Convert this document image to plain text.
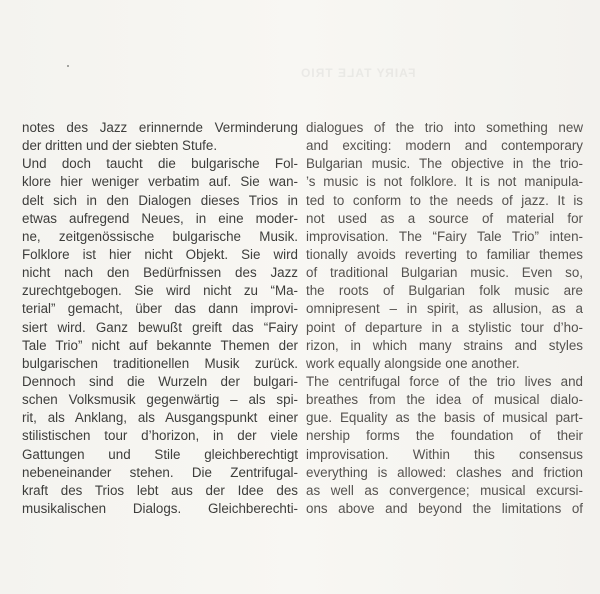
FAIRY TALE TRIO
notes des Jazz erinnernde Verminderung
der dritten und der siebten Stufe.
Und doch taucht die bulgarische Fol-
klore hier weniger verbatim auf. Sie wan-
delt sich in den Dialogen dieses Trios in
etwas aufregend Neues, in eine moder-
ne, zeitgenössische bulgarische Musik.
Folklore ist hier nicht Objekt. Sie wird
nicht nach den Bedürfnissen des Jazz
zurechtgebogen. Sie wird nicht zu “Ma-
terial” gemacht, über das dann improvi-
siert wird. Ganz bewußt greift das “Fairy
Tale Trio” nicht auf bekannte Themen der
bulgarischen traditionellen Musik zurück.
Dennoch sind die Wurzeln der bulgari-
schen Volksmusik gegenwärtig – als spi-
rit, als Anklang, als Ausgangspunkt einer
stilistischen tour d’horizon, in der viele
Gattungen und Stile gleichberechtigt
nebeneinander stehen. Die Zentrifugal-
kraft des Trios lebt aus der Idee des
musikalischen Dialogs. Gleichberechti-
dialogues of the trio into something new
and exciting: modern and contemporary
Bulgarian music. The objective in the trio-
’s music is not folklore. It is not manipula-
ted to conform to the needs of jazz. It is
not used as a source of material for
improvisation. The “Fairy Tale Trio” inten-
tionally avoids reverting to familiar themes
of traditional Bulgarian music. Even so,
the roots of Bulgarian folk music are
omnipresent – in spirit, as allusion, as a
point of departure in a stylistic tour d’ho-
rizon, in which many strains and styles
work equally alongside one another.
The centrifugal force of the trio lives and
breathes from the idea of musical dialo-
gue. Equality as the basis of musical part-
nership forms the foundation of their
improvisation. Within this consensus
everything is allowed: clashes and friction
as well as convergence; musical excursi-
ons above and beyond the limitations of
